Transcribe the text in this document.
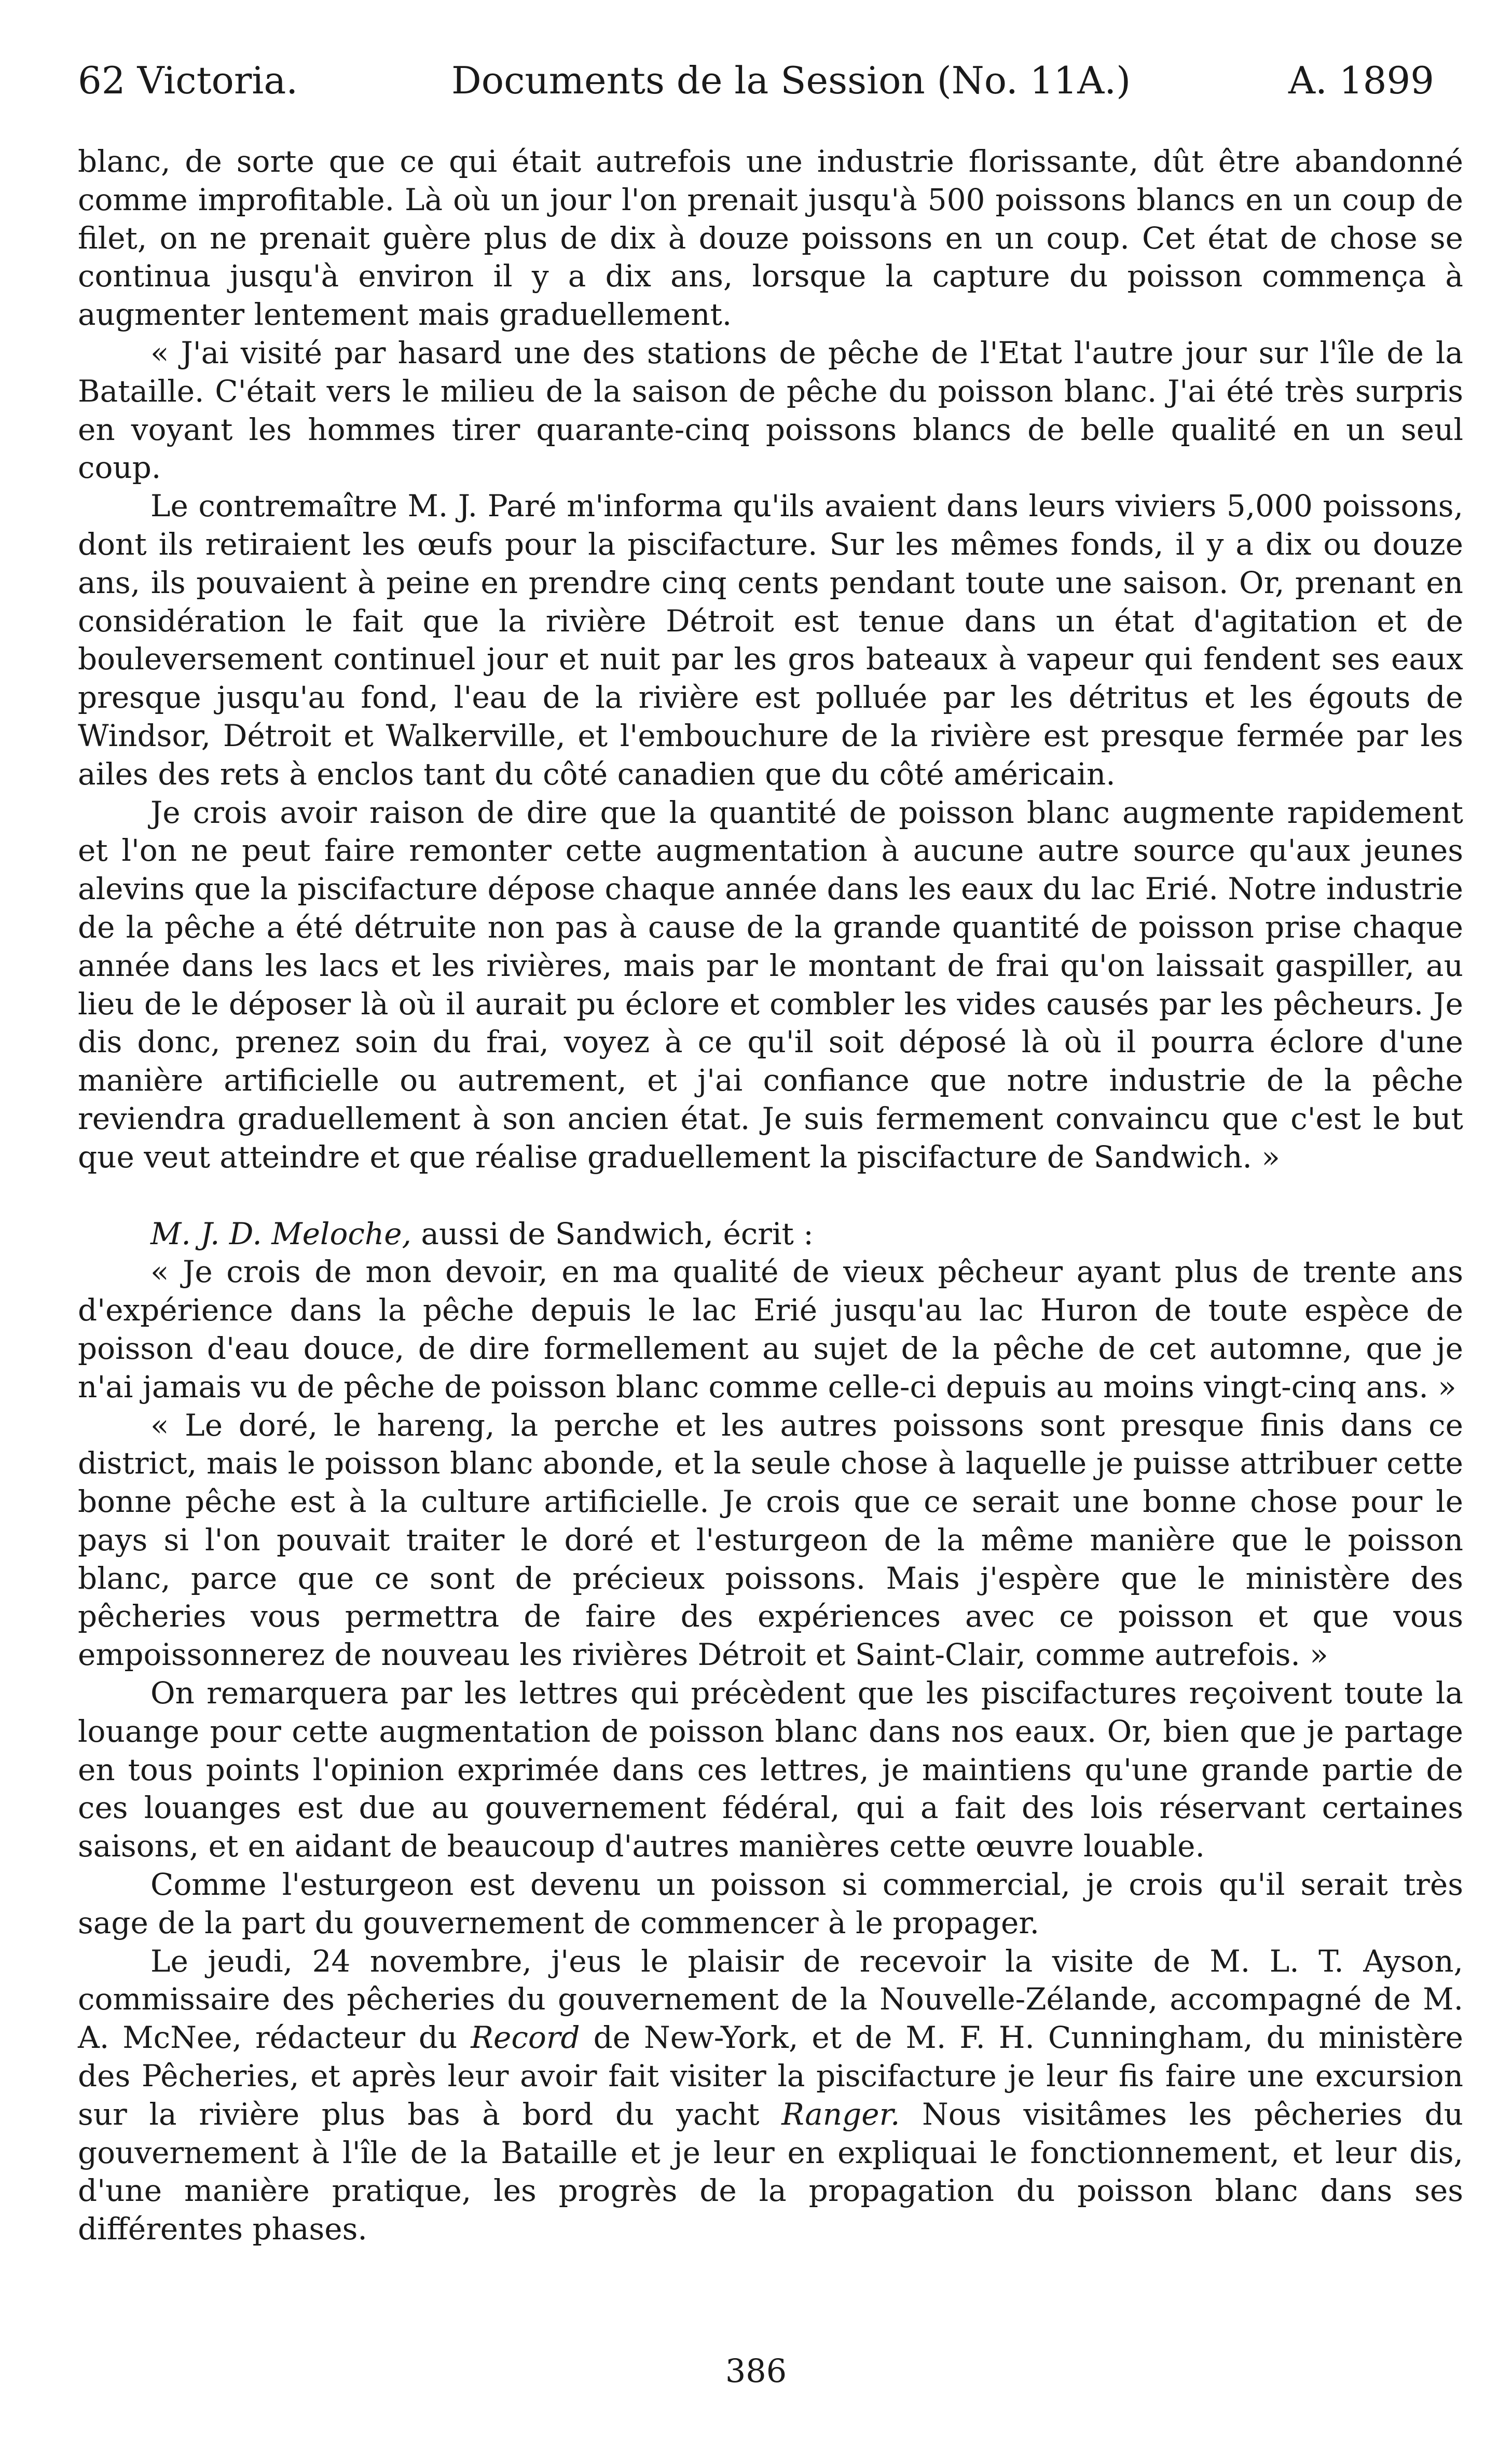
62 Victoria.	Documents de la Session (No. 11A.)	A. 1899

blanc, de sorte que ce qui était autrefois une industrie florissante, dût être abandonné comme improfitable. Là où un jour l'on prenait jusqu'à 500 poissons blancs en un coup de filet, on ne prenait guère plus de dix à douze poissons en un coup. Cet état de chose se continua jusqu'à environ il y a dix ans, lorsque la capture du poisson commença à augmenter lentement mais graduellement.

« J'ai visité par hasard une des stations de pêche de l'Etat l'autre jour sur l'île de la Bataille. C'était vers le milieu de la saison de pêche du poisson blanc. J'ai été très surpris en voyant les hommes tirer quarante-cinq poissons blancs de belle qualité en un seul coup.

Le contremaître M. J. Paré m'informa qu'ils avaient dans leurs viviers 5,000 poissons, dont ils retiraient les œufs pour la piscifacture. Sur les mêmes fonds, il y a dix ou douze ans, ils pouvaient à peine en prendre cinq cents pendant toute une saison. Or, prenant en considération le fait que la rivière Détroit est tenue dans un état d'agitation et de bouleversement continuel jour et nuit par les gros bateaux à vapeur qui fendent ses eaux presque jusqu'au fond, l'eau de la rivière est polluée par les détritus et les égouts de Windsor, Détroit et Walkerville, et l'embouchure de la rivière est presque fermée par les ailes des rets à enclos tant du côté canadien que du côté américain.

Je crois avoir raison de dire que la quantité de poisson blanc augmente rapidement et l'on ne peut faire remonter cette augmentation à aucune autre source qu'aux jeunes alevins que la piscifacture dépose chaque année dans les eaux du lac Erié. Notre industrie de la pêche a été détruite non pas à cause de la grande quantité de poisson prise chaque année dans les lacs et les rivières, mais par le montant de frai qu'on laissait gaspiller, au lieu de le déposer là où il aurait pu éclore et combler les vides causés par les pêcheurs. Je dis donc, prenez soin du frai, voyez à ce qu'il soit déposé là où il pourra éclore d'une manière artificielle ou autrement, et j'ai confiance que notre industrie de la pêche reviendra graduellement à son ancien état. Je suis fermement convaincu que c'est le but que veut atteindre et que réalise graduellement la piscifacture de Sandwich. »

M. J. D. Meloche, aussi de Sandwich, écrit :

« Je crois de mon devoir, en ma qualité de vieux pêcheur ayant plus de trente ans d'expérience dans la pêche depuis le lac Erié jusqu'au lac Huron de toute espèce de poisson d'eau douce, de dire formellement au sujet de la pêche de cet automne, que je n'ai jamais vu de pêche de poisson blanc comme celle-ci depuis au moins vingt-cinq ans. »

« Le doré, le hareng, la perche et les autres poissons sont presque finis dans ce district, mais le poisson blanc abonde, et la seule chose à laquelle je puisse attribuer cette bonne pêche est à la culture artificielle. Je crois que ce serait une bonne chose pour le pays si l'on pouvait traiter le doré et l'esturgeon de la même manière que le poisson blanc, parce que ce sont de précieux poissons. Mais j'espère que le ministère des pêcheries vous permettra de faire des expériences avec ce poisson et que vous empoissonnerez de nouveau les rivières Détroit et Saint-Clair, comme autrefois. »

On remarquera par les lettres qui précèdent que les piscifactures reçoivent toute la louange pour cette augmentation de poisson blanc dans nos eaux. Or, bien que je partage en tous points l'opinion exprimée dans ces lettres, je maintiens qu'une grande partie de ces louanges est due au gouvernement fédéral, qui a fait des lois réservant certaines saisons, et en aidant de beaucoup d'autres manières cette œuvre louable.

Comme l'esturgeon est devenu un poisson si commercial, je crois qu'il serait très sage de la part du gouvernement de commencer à le propager.

Le jeudi, 24 novembre, j'eus le plaisir de recevoir la visite de M. L. T. Ayson, commissaire des pêcheries du gouvernement de la Nouvelle-Zélande, accompagné de M. A. McNee, rédacteur du Record de New-York, et de M. F. H. Cunningham, du ministère des Pêcheries, et après leur avoir fait visiter la piscifacture je leur fis faire une excursion sur la rivière plus bas à bord du yacht Ranger. Nous visitâmes les pêcheries du gouvernement à l'île de la Bataille et je leur en expliquai le fonctionnement, et leur dis, d'une manière pratique, les progrès de la propagation du poisson blanc dans ses différentes phases.

386
